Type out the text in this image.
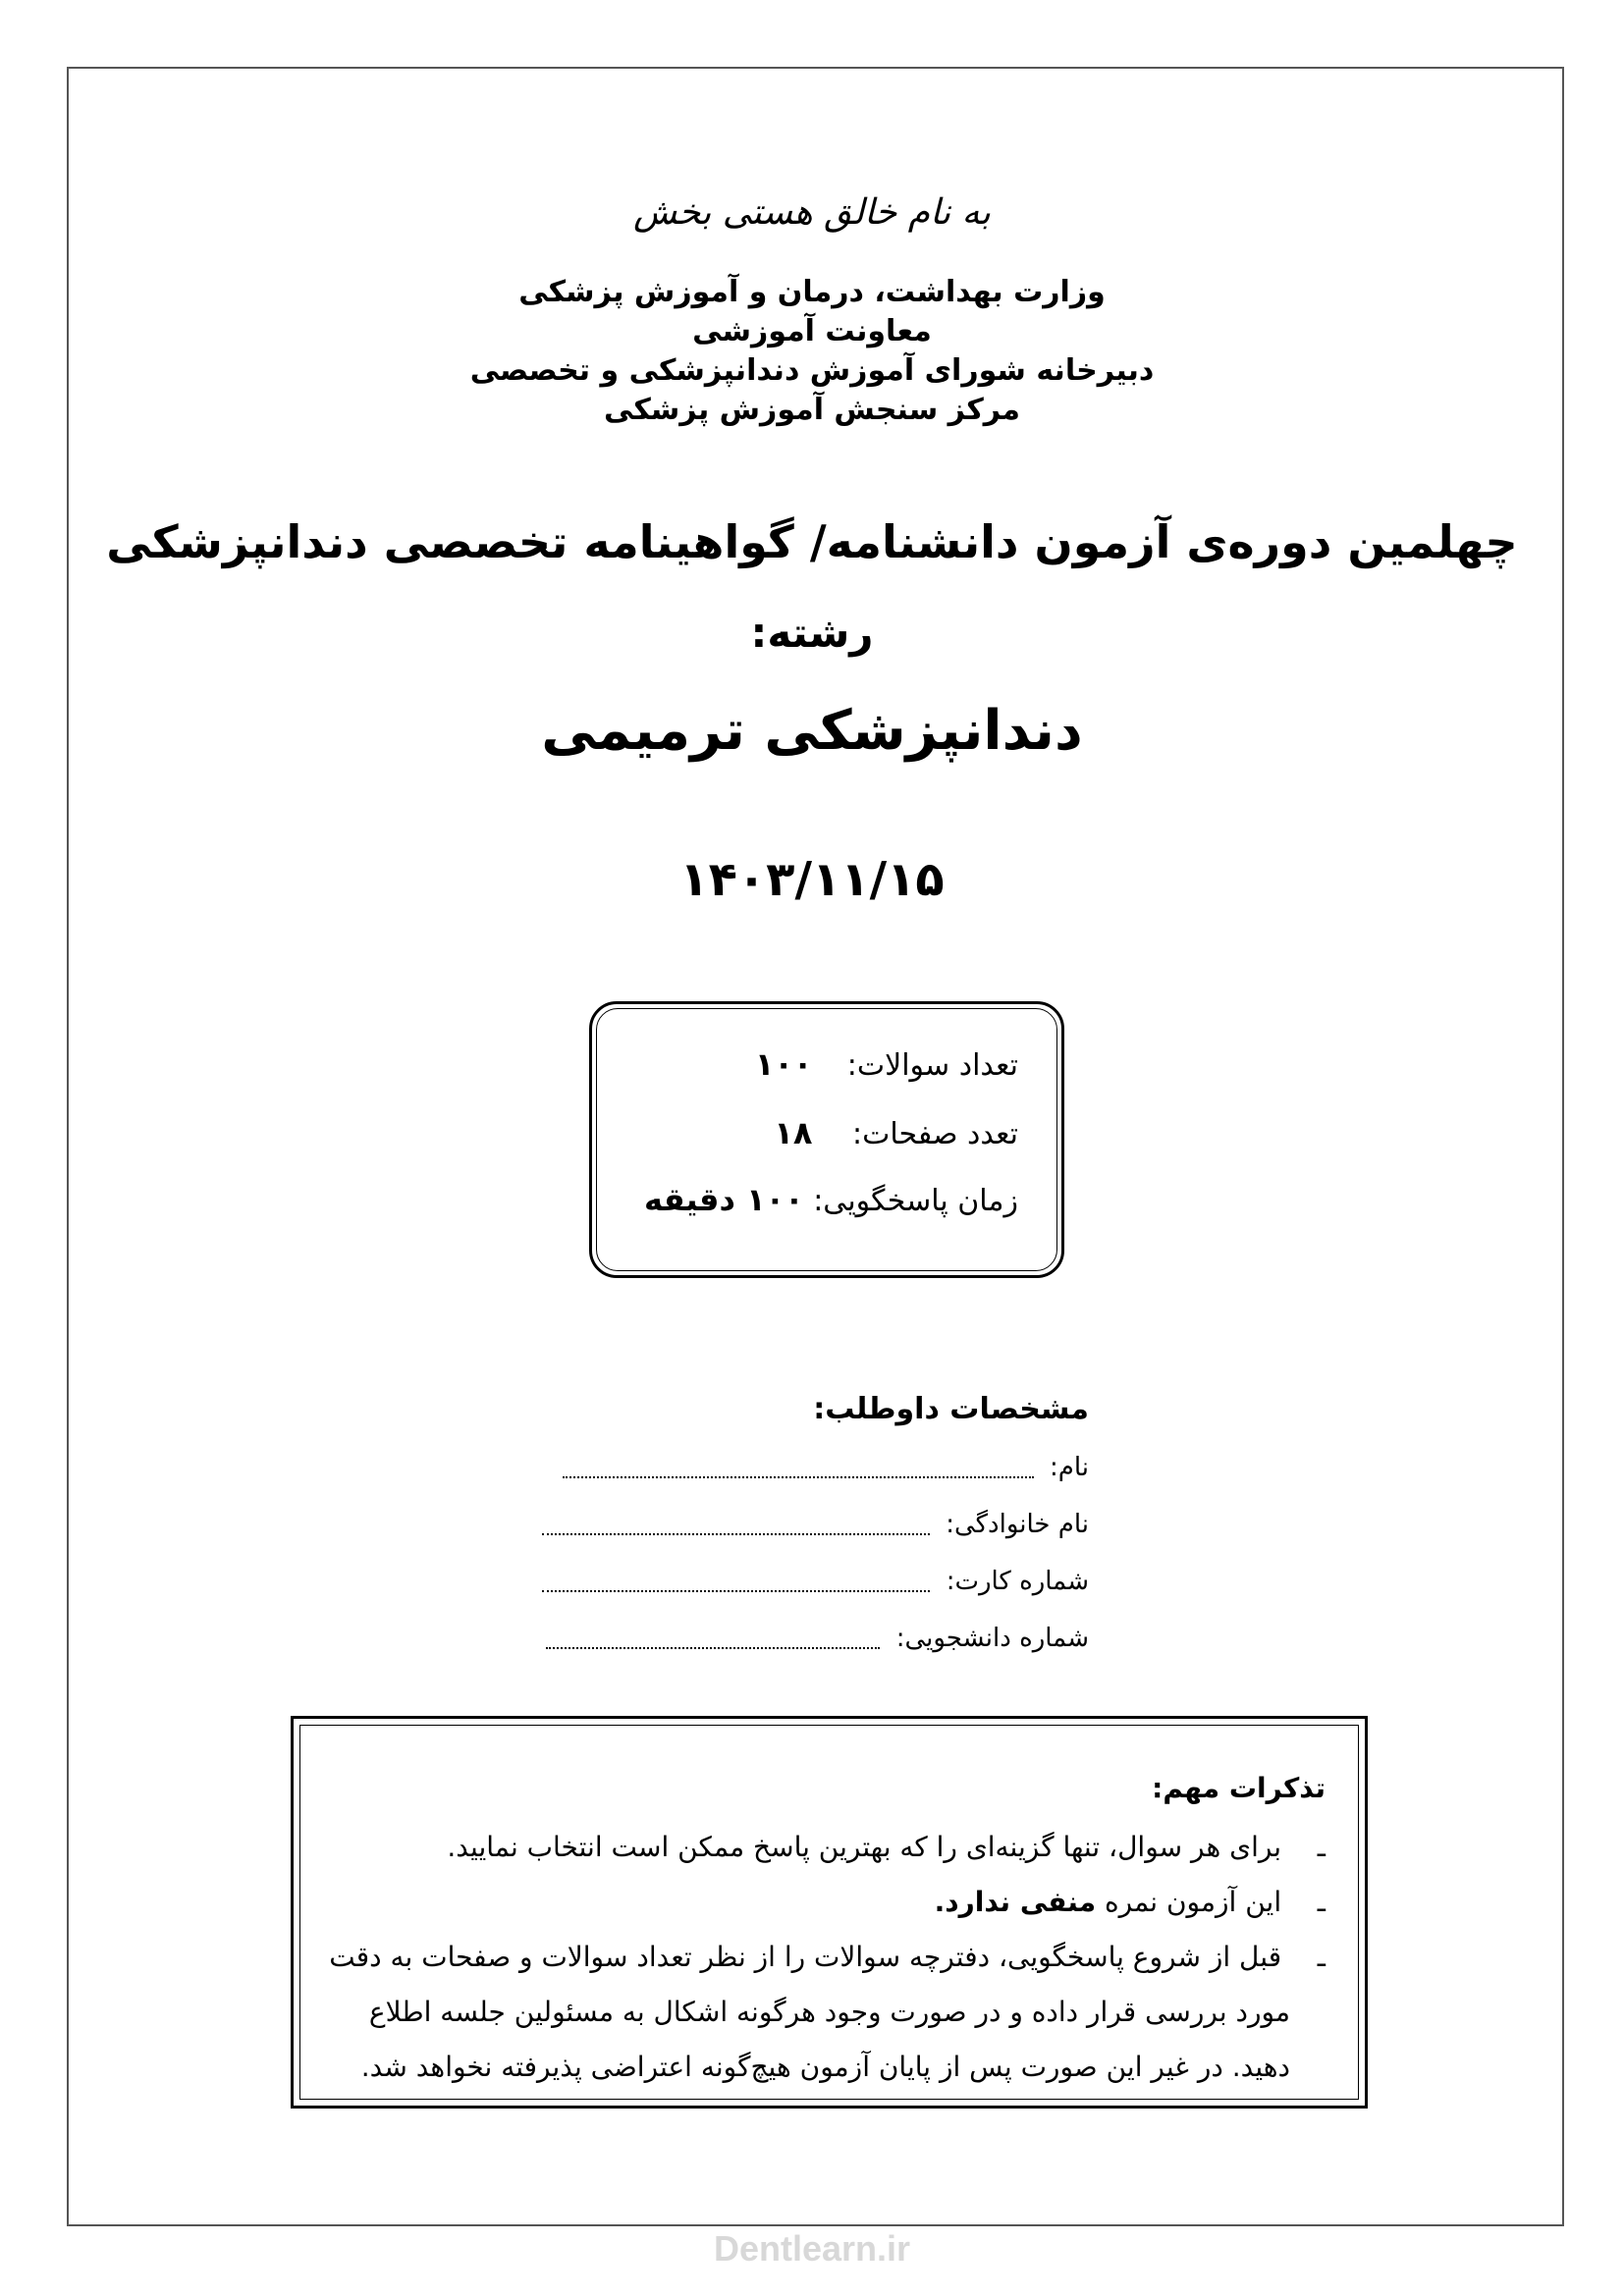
به نام خالق هستی بخش
وزارت بهداشت، درمان و آموزش پزشکی
معاونت آموزشی
دبیرخانه شورای آموزش دندانپزشکی و تخصصی
مرکز سنجش آموزش پزشکی
چهلمین دوره‌ی آزمون دانشنامه/ گواهینامه تخصصی دندانپزشکی
رشته:
دندانپزشکی ترمیمی
۱۴۰۳/۱۱/۱۵
تعداد سوالات: ۱۰۰
تعدد صفحات: ۱۸
زمان پاسخگویی: ۱۰۰ دقیقه
مشخصات داوطلب:
نام:
نام خانوادگی:
شماره کارت:
شماره دانشجویی:
تذکرات مهم:
ـ برای هر سوال، تنها گزینه‌ای را که بهترین پاسخ ممکن است انتخاب نمایید.
ـ این آزمون نمره منفی ندارد.
ـ قبل از شروع پاسخگویی، دفترچه سوالات را از نظر تعداد سوالات و صفحات به دقت
مورد بررسی قرار داده و در صورت وجود هرگونه اشکال به مسئولین جلسه اطلاع
دهید. در غیر این صورت پس از پایان آزمون هیچ‌گونه اعتراضی پذیرفته نخواهد شد.
Dentlearn.ir
